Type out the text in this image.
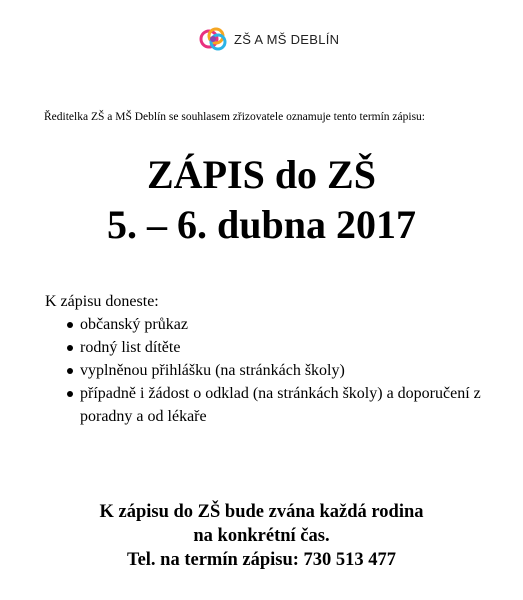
ZŠ A MŠ DEBLÍN
Ředitelka ZŠ a MŠ Deblín se souhlasem zřizovatele oznamuje tento termín zápisu:
ZÁPIS do ZŠ
5. – 6. dubna 2017
K zápisu doneste:
občanský průkaz
rodný list dítěte
vyplněnou přihlášku (na stránkách školy)
případně i žádost o odklad (na stránkách školy) a doporučení z poradny a od lékaře
K zápisu do ZŠ bude zvána každá rodina
na konkrétní čas.
Tel. na termín zápisu: 730 513 477
